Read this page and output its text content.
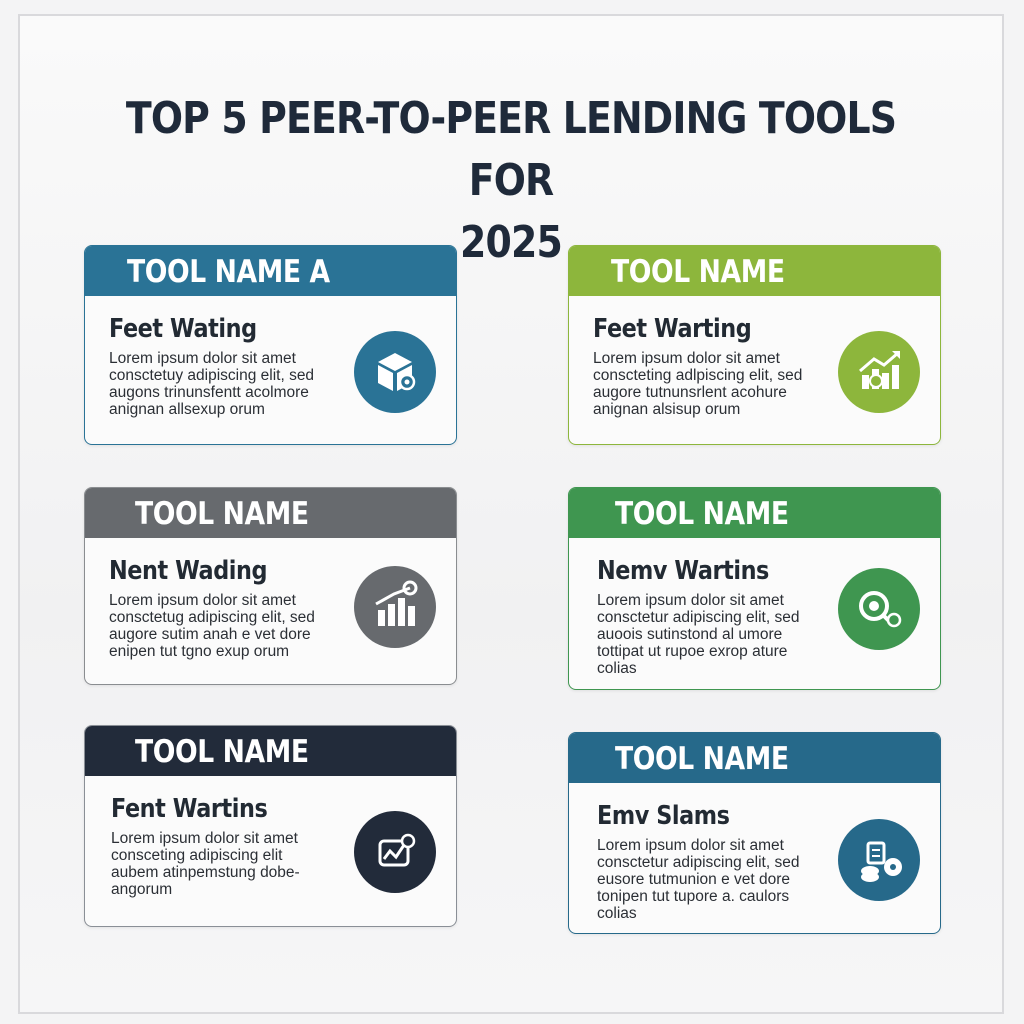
TOP 5 PEER-TO-PEER LENDING TOOLS FOR
2025
TOOL NAME A
Feet Wating
Lorem ipsum dolor sit amet
consctetuy adipiscing elit, sed
augons trinunsfentt acolmore
anignan allsexup orum
TOOL NAME
Feet Warting
Lorem ipsum dolor sit amet
conscteting adlpiscing elit, sed
augore tutnunsrlent acohure
anignan alsisup orum
TOOL NAME
Nent Wading
Lorem ipsum dolor sit amet
consctetug adipiscing elit, sed
augore sutim anah e vet dore
enipen tut tgno exup orum
TOOL NAME
Nemv Wartins
Lorem ipsum dolor sit amet
consctetur adipiscing elit, sed
auoois sutinstond al umore
tottipat ut rupoe exrop ature
colias
TOOL NAME
Fent Wartins
Lorem ipsum dolor sit amet
consceting adipiscing elit
aubem atinpemstung dobe-
angorum
TOOL NAME
Emv Slams
Lorem ipsum dolor sit amet
consctetur adipiscing elit, sed
eusore tutmunion e vet dore
tonipen tut tupore a. caulors
colias
